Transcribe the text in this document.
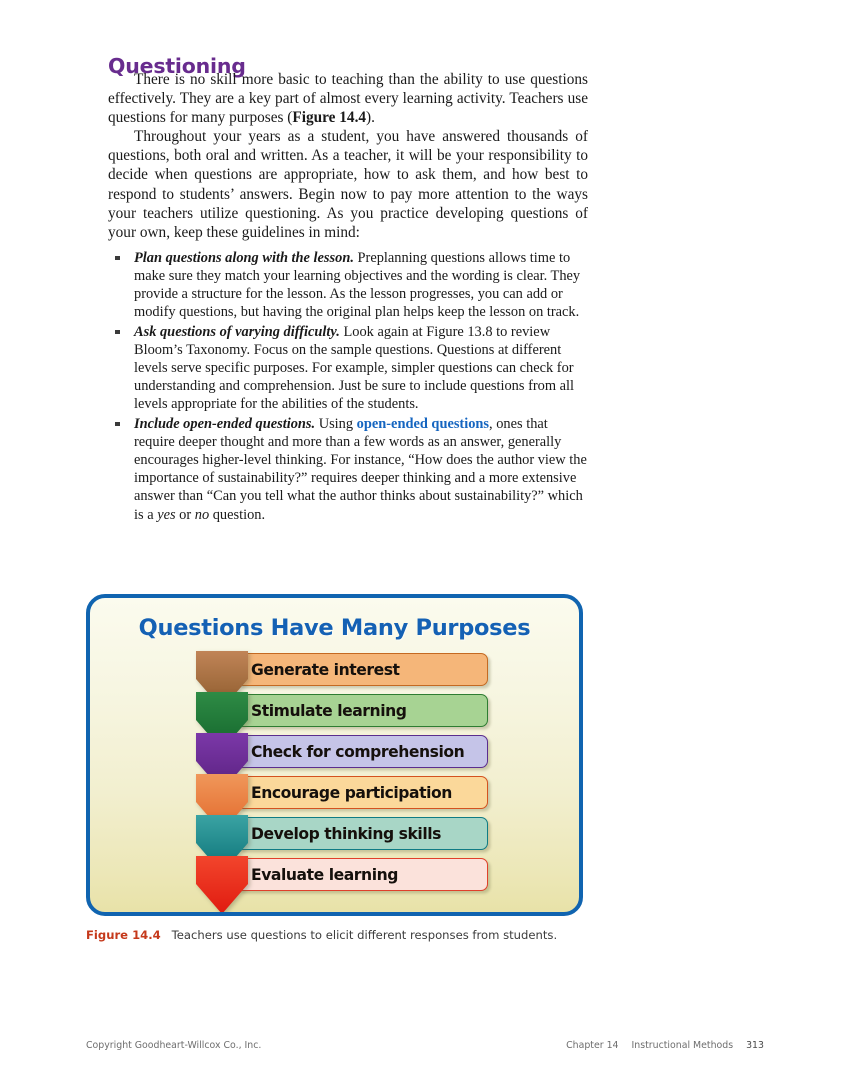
Questioning

There is no skill more basic to teaching than the ability to use questions effectively. They are a key part of almost every learning activity. Teachers use questions for many purposes (Figure 14.4).

Throughout your years as a student, you have answered thousands of questions, both oral and written. As a teacher, it will be your responsibility to decide when questions are appropriate, how to ask them, and how best to respond to students’ answers. Begin now to pay more attention to the ways your teachers utilize questioning. As you practice developing questions of your own, keep these guidelines in mind:

Plan questions along with the lesson. Preplanning questions allows time to make sure they match your learning objectives and the wording is clear. They provide a structure for the lesson. As the lesson progresses, you can add or modify questions, but having the original plan helps keep the lesson on track.
Ask questions of varying difficulty. Look again at Figure 13.8 to review Bloom’s Taxonomy. Focus on the sample questions. Questions at different levels serve specific purposes. For example, simpler questions can check for understanding and comprehension. Just be sure to include questions from all levels appropriate for the abilities of the students.
Include open-ended questions. Using open-ended questions, ones that require deeper thought and more than a few words as an answer, generally encourages higher-level thinking. For instance, “How does the author view the importance of sustainability?” requires deeper thinking and a more extensive answer than “Can you tell what the author thinks about sustainability?” which is a yes or no question.
Questions Have Many Purposes
Generate interest
Stimulate learning
Check for comprehension
Encourage participation
Develop thinking skills
Evaluate learning
Figure 14.4 Teachers use questions to elicit different responses from students.
Copyright Goodheart-Willcox Co., Inc.	Chapter 14 Instructional Methods 313
